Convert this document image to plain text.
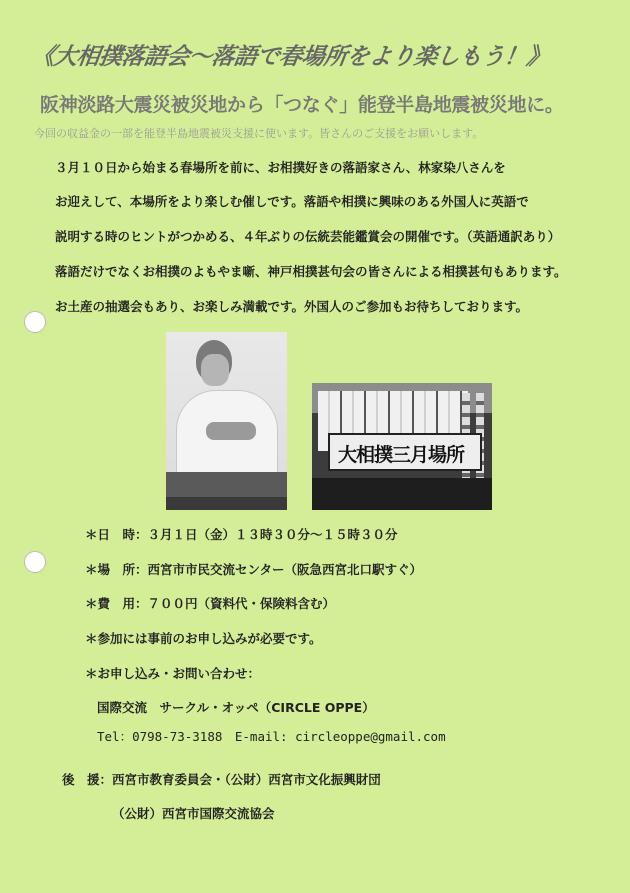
《大相撲落語会～落語で春場所をより楽しもう！》
阪神淡路大震災被災地から「つなぐ」能登半島地震被災地に。
今回の収益金の一部を能登半島地震被災支援に使います。皆さんのご支援をお願いします。
３月１０日から始まる春場所を前に、お相撲好きの落語家さん、林家染八さんを
お迎えして、本場所をより楽しむ催しです。落語や相撲に興味のある外国人に英語で
説明する時のヒントがつかめる、４年ぶりの伝統芸能鑑賞会の開催です。（英語通訳あり）
落語だけでなくお相撲のよもやま噺、神戸相撲甚句会の皆さんによる相撲甚句もあります。
お土産の抽選会もあり、お楽しみ満載です。外国人のご参加もお待ちしております。
大相撲三月場所
＊日　時：３月１日（金）１３時３０分～１５時３０分
＊場　所：西宮市市民交流センター（阪急西宮北口駅すぐ）
＊費　用：７００円（資料代・保険料含む）
＊参加には事前のお申し込みが必要です。
＊お申し込み・お問い合わせ：
国際交流　サークル・オッペ（CIRCLE OPPE）
Tel：0798-73-3188　E-mail: circleoppe@gmail.com
後　援：西宮市教育委員会・（公財）西宮市文化振興財団
（公財）西宮市国際交流協会
